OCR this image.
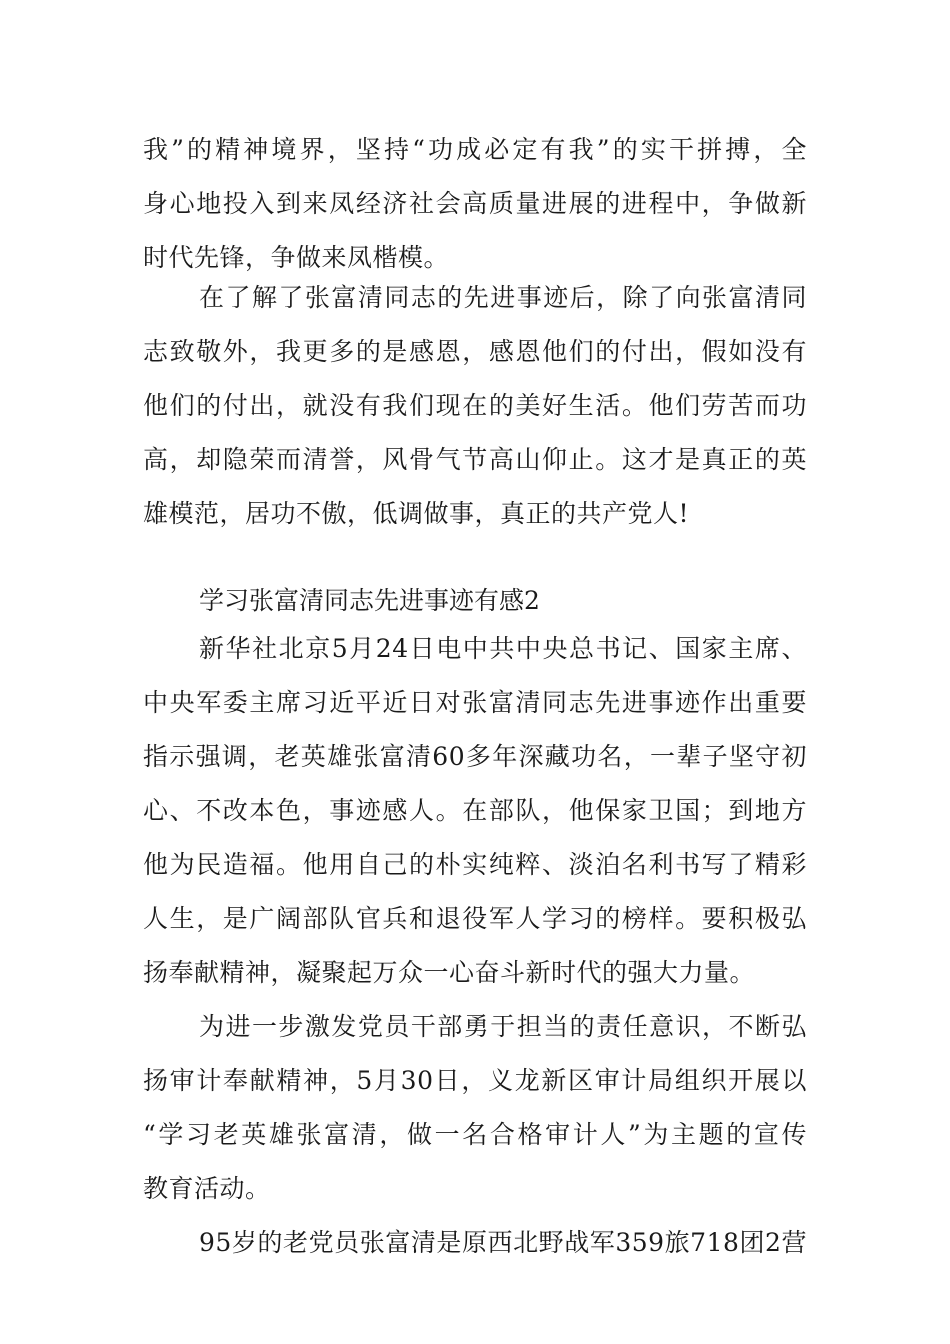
我”的精神境界，坚持“功成必定有我”的实干拼搏，全
身心地投入到来凤经济社会高质量进展的进程中，争做新
时代先锋，争做来凤楷模。
在了解了张富清同志的先进事迹后，除了向张富清同
志致敬外，我更多的是感恩，感恩他们的付出，假如没有
他们的付出，就没有我们现在的美好生活。他们劳苦而功
高，却隐荣而清誉，风骨气节高山仰止。这才是真正的英
雄模范，居功不傲，低调做事，真正的共产党人!
学习张富清同志先进事迹有感2
新华社北京5月24日电中共中央总书记、国家主席、
中央军委主席习近平近日对张富清同志先进事迹作出重要
指示强调，老英雄张富清60多年深藏功名，一辈子坚守初
心、不改本色，事迹感人。在部队，他保家卫国；到地方
他为民造福。他用自己的朴实纯粹、淡泊名利书写了精彩
人生，是广阔部队官兵和退役军人学习的榜样。要积极弘
扬奉献精神，凝聚起万众一心奋斗新时代的强大力量。
为进一步激发党员干部勇于担当的责任意识，不断弘
扬审计奉献精神，5月30日，义龙新区审计局组织开展以
“学习老英雄张富清，做一名合格审计人”为主题的宣传
教育活动。
95岁的老党员张富清是原西北野战军359旅718团2营
